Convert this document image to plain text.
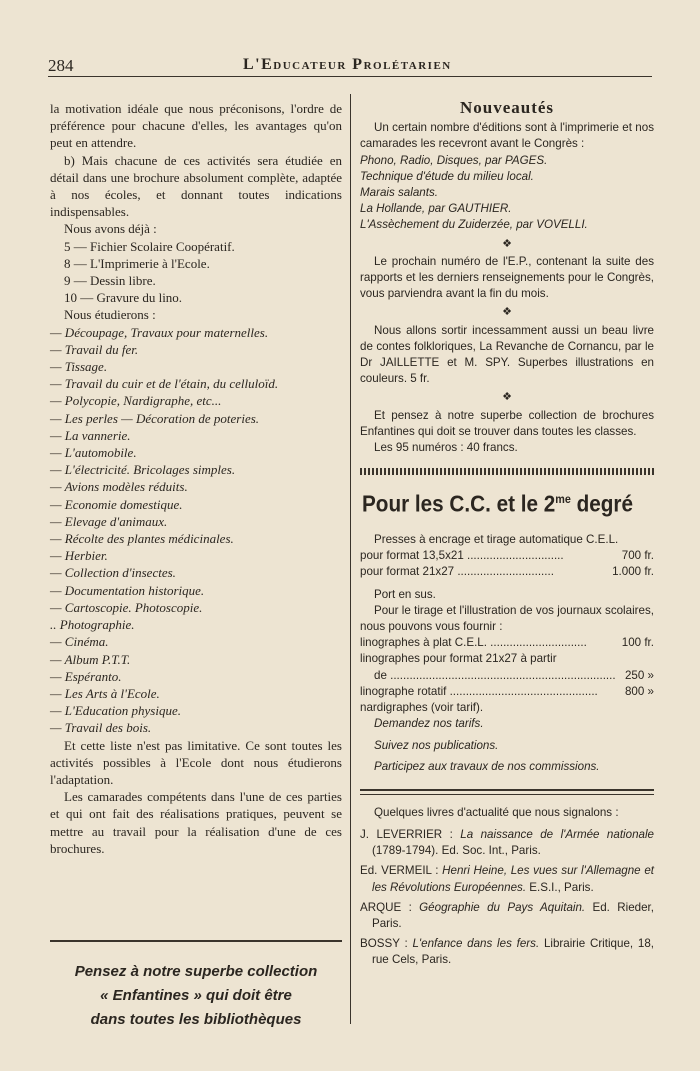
284	L'Educateur Prolétarien

la motivation idéale que nous préconisons, l'ordre de préférence pour chacune d'elles, les avantages qu'on peut en attendre.

b) Mais chacune de ces activités sera étudiée en détail dans une brochure absolument complète, adaptée à nos écoles, et donnant toutes indications indispensables.

Nous avons déjà :

5 — Fichier Scolaire Coopératif.
8 — L'Imprimerie à l'Ecole.
9 — Dessin libre.
10 — Gravure du lino.

Nous étudierons :

— Découpage, Travaux pour maternelles.
— Travail du fer.
— Tissage.
— Travail du cuir et de l'étain, du celluloïd.
— Polycopie, Nardigraphe, etc...
— Les perles — Décoration de poteries.
— La vannerie.
— L'automobile.
— L'électricité. Bricolages simples.
— Avions modèles réduits.
— Economie domestique.
— Elevage d'animaux.
— Récolte des plantes médicinales.
— Herbier.
— Collection d'insectes.
— Documentation historique.
— Cartoscopie. Photoscopie.
.. Photographie.
— Cinéma.
— Album P.T.T.
— Espéranto.
— Les Arts à l'Ecole.
— L'Education physique.
— Travail des bois.

Et cette liste n'est pas limitative. Ce sont toutes les activités possibles à l'Ecole dont nous étudierons l'adaptation.

Les camarades compétents dans l'une de ces parties et qui ont fait des réalisations pratiques, peuvent se mettre au travail pour la réalisation d'une de ces brochures.

Pensez à notre superbe collection
« Enfantines » qui doit être
dans toutes les bibliothèques
Nouveautés

Un certain nombre d'éditions sont à l'imprimerie et nos camarades les recevront avant le Congrès :

Phono, Radio, Disques, par PAGES.
Technique d'étude du milieu local.
Marais salants.
La Hollande, par GAUTHIER.
L'Assèchement du Zuiderzée, par VOVELLI.
❖

Le prochain numéro de l'E.P., contenant la suite des rapports et les derniers renseignements pour le Congrès, vous parviendra avant la fin du mois.

❖

Nous allons sortir incessamment aussi un beau livre de contes folkloriques, La Revanche de Cornancu, par le Dr JAILLETTE et M. SPY. Superbes illustrations en couleurs. 5 fr.

❖

Et pensez à notre superbe collection de brochures Enfantines qui doit se trouver dans toutes les classes.

Les 95 numéros : 40 francs.

Pour les C.C. et le $2^{me}$ degré

Presses à encrage et tirage automatique C.E.L.

pour format 13,5x21 ..............................	700 fr.
pour format 21x27 ..............................	1.000 fr.

Port en sus.

Pour le tirage et l'illustration de vos journaux scolaires, nous pouvons vous fournir :

linographes à plat C.E.L. ..............................	100 fr.
linographes pour format 21x27 à partir
de ...................................................................... 250 »
linographe rotatif ..............................................	800 »
nardigraphes (voir tarif).
Demandez nos tarifs.
Suivez nos publications.
Participez aux travaux de nos commissions.

Quelques livres d'actualité que nous signalons :

J. LEVERRIER : La naissance de l'Armée nationale (1789-1794). Ed. Soc. Int., Paris.

Ed. VERMEIL : Henri Heine, Les vues sur l'Allemagne et les Révolutions Européennes. E.S.I., Paris.

ARQUE : Géographie du Pays Aquitain. Ed. Rieder, Paris.

BOSSY : L'enfance dans les fers. Librairie Critique, 18, rue Cels, Paris.
